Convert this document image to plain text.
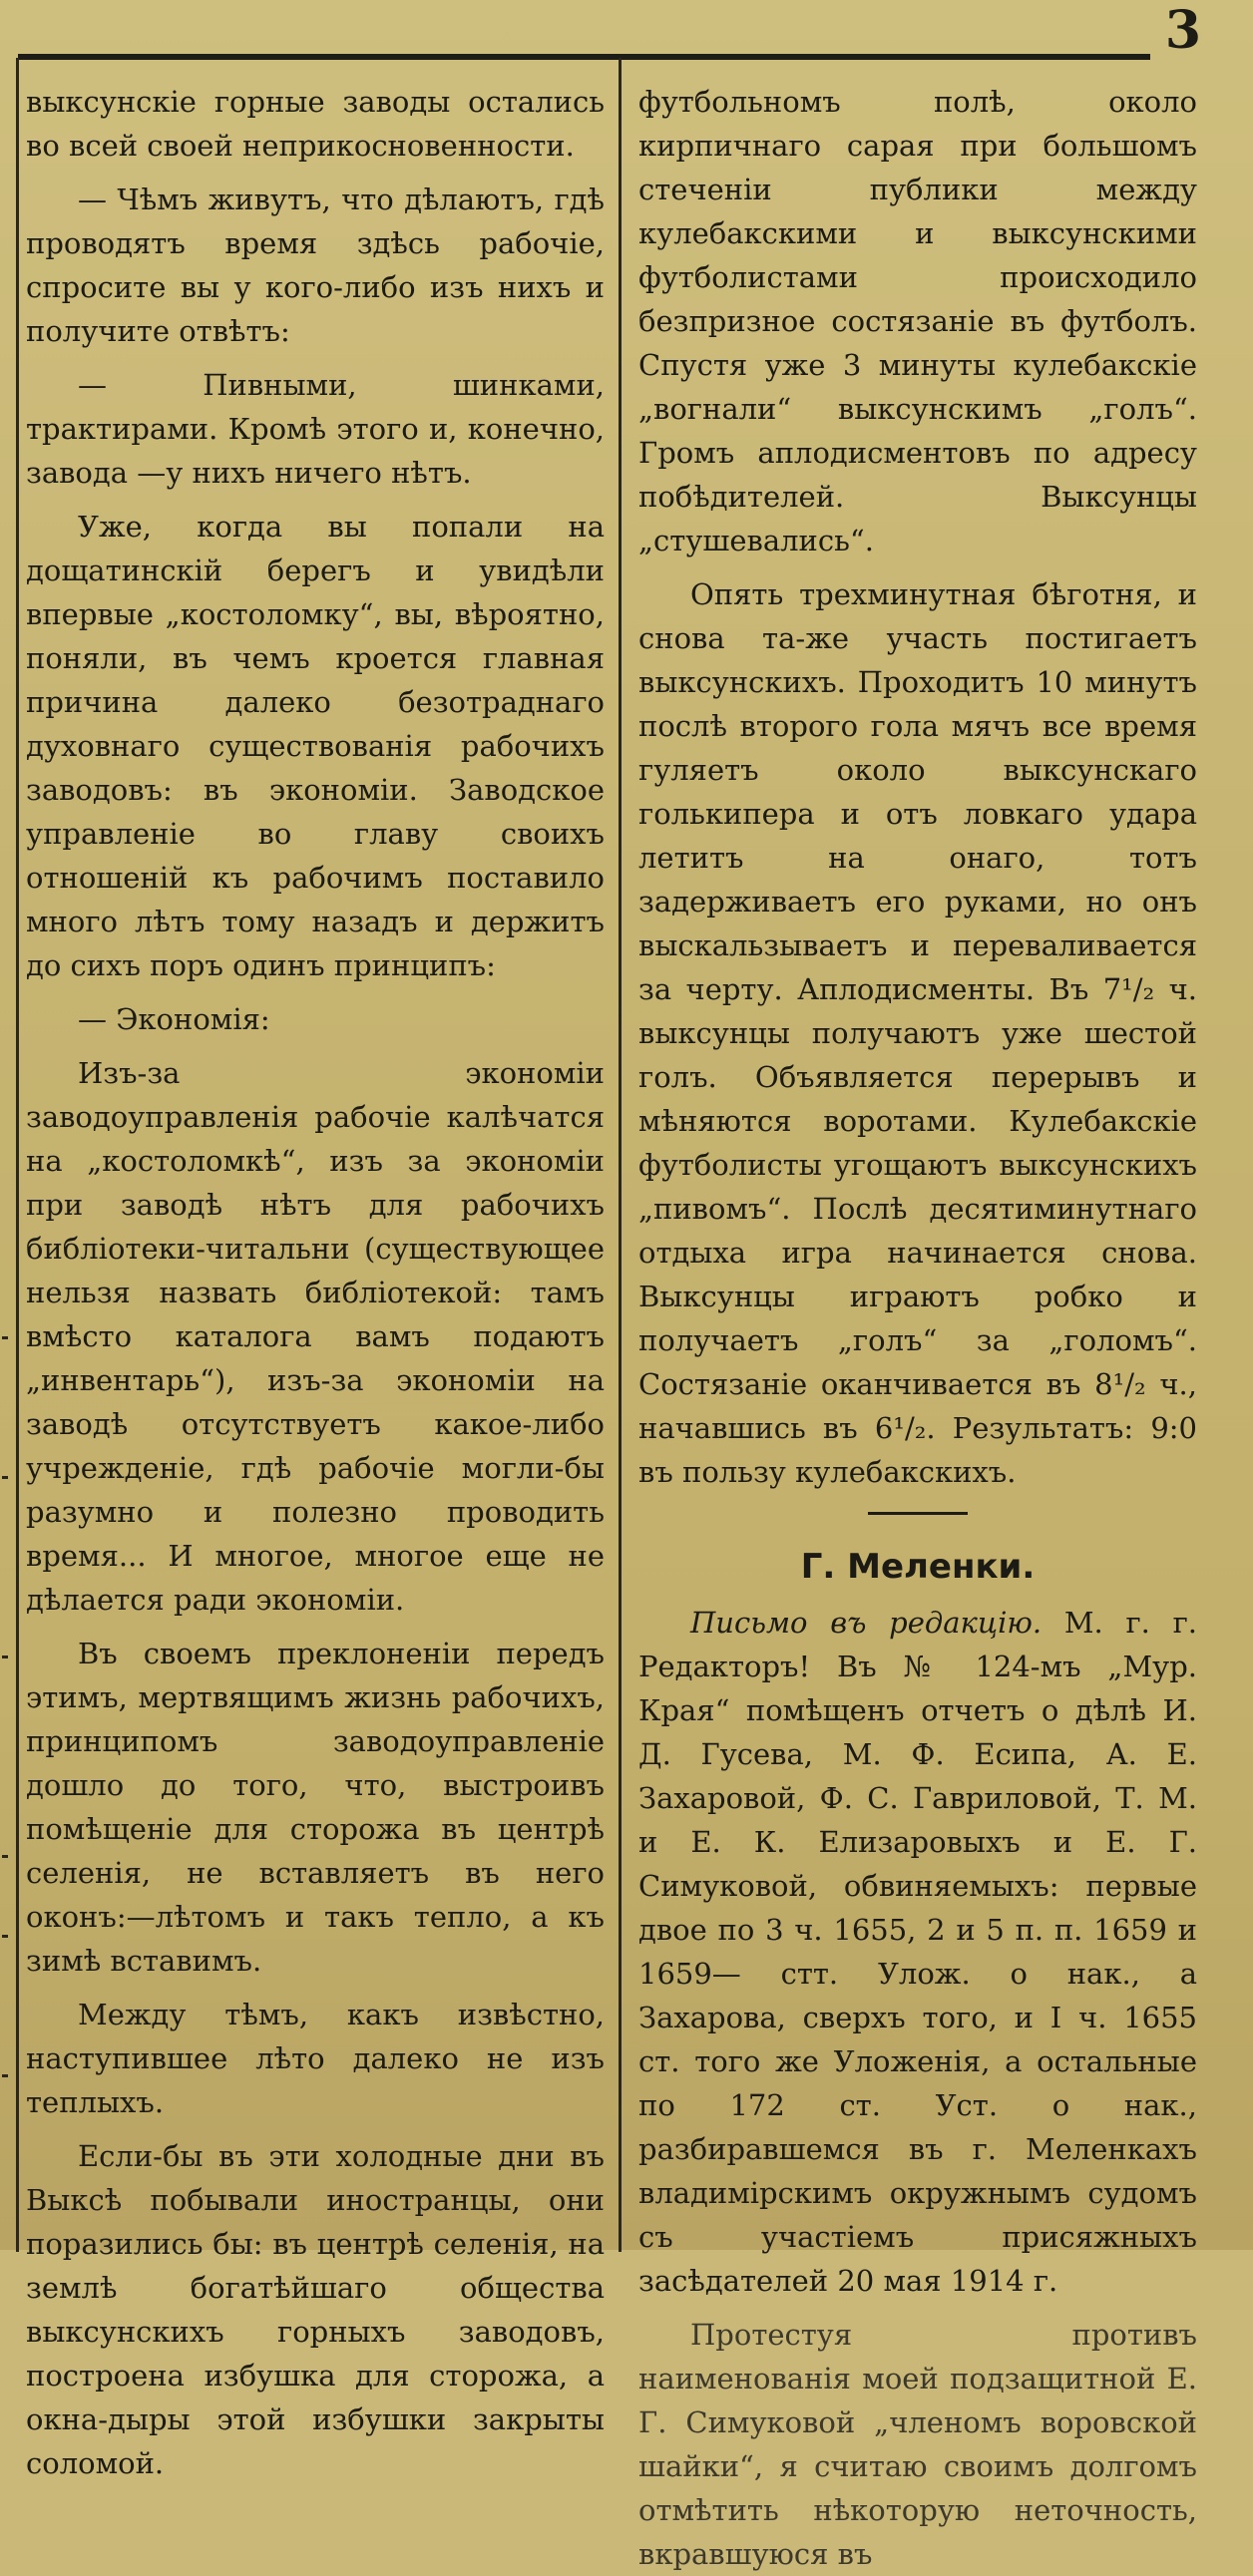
3

выксунскіе горные заводы остались во всей своей неприкосновенности.

— Чѣмъ живутъ, что дѣлаютъ, гдѣ проводятъ время здѣсь рабочіе, спросите вы у кого-либо изъ нихъ и получите отвѣтъ:

— Пивными, шинками, трактирами. Кромѣ этого и, конечно, завода —у нихъ ничего нѣтъ.

Уже, когда вы попали на дощатинскій берегъ и увидѣли впервые „костоломку“, вы, вѣроятно, поняли, въ чемъ кроется главная причина далеко безотраднаго духовнаго существованія рабочихъ заводовъ: въ экономіи. Заводское управленіе во главу своихъ отношеній къ рабочимъ поставило много лѣтъ тому назадъ и держитъ до сихъ поръ одинъ принципъ:

— Экономія:

Изъ-за экономіи заводоуправленія рабочіе калѣчатся на „костоломкѣ“, изъ за экономіи при заводѣ нѣтъ для рабочихъ библіотеки-читальни (существующее нельзя назвать библіотекой: тамъ вмѣсто каталога вамъ подаютъ „инвентарь“), изъ-за экономіи на заводѣ отсутствуетъ какое-либо учрежденіе, гдѣ рабочіе могли-бы разумно и полезно проводить время... И многое, многое еще не дѣлается ради экономіи.

Въ своемъ преклоненіи передъ этимъ, мертвящимъ жизнь рабочихъ, принципомъ заводоуправленіе дошло до того, что, выстроивъ помѣщеніе для сторожа въ центрѣ селенія, не вставляетъ въ него оконъ:—лѣтомъ и такъ тепло, а къ зимѣ вставимъ.

Между тѣмъ, какъ извѣстно, наступившее лѣто далеко не изъ теплыхъ.

Если-бы въ эти холодные дни въ Выксѣ побывали иностранцы, они поразились бы: въ центрѣ селенія, на землѣ богатѣйшаго общества выксунскихъ горныхъ заводовъ, построена избушка для сторожа, а окна-дыры этой избушки закрыты соломой.

футбольномъ полѣ, около кирпичнаго сарая при большомъ стеченіи публики между кулебакскими и выксунскими футболистами происходило безпризное состязаніе въ футболъ. Спустя уже 3 минуты кулебакскіе „вогнали“ выксунскимъ „голъ“. Громъ аплодисментовъ по адресу побѣдителей. Выксунцы „стушевались“.

Опять трехминутная бѣготня, и снова та-же участь постигаетъ выксунскихъ. Проходитъ 10 минутъ послѣ второго гола мячъ все время гуляетъ около выксунскаго голькипера и отъ ловкаго удара летитъ на онаго, тотъ задерживаетъ его руками, но онъ выскальзываетъ и переваливается за черту. Аплодисменты. Въ 7¹/₂ ч. выксунцы получаютъ уже шестой голъ. Объявляется перерывъ и мѣняются воротами. Кулебакскіе футболисты угощаютъ выксунскихъ „пивомъ“. Послѣ десятиминутнаго отдыха игра начинается снова. Выксунцы играютъ робко и получаетъ „голъ“ за „голомъ“. Состязаніе оканчивается въ 8¹/₂ ч., начавшись въ 6¹/₂. Результатъ: 9:0 въ пользу кулебакскихъ.

Г. Меленки.

Письмо въ редакцію. М. г. г. Редакторъ! Въ № 124-мъ „Мур. Края“ помѣщенъ отчетъ о дѣлѣ И. Д. Гусева, М. Ф. Есипа, А. Е. Захаровой, Ф. С. Гавриловой, Т. М. и Е. К. Елизаровыхъ и Е. Г. Симуковой, обвиняемыхъ: первые двое по 3 ч. 1655, 2 и 5 п. п. 1659 и 1659— стт. Улож. о нак., а Захарова, сверхъ того, и I ч. 1655 ст. того же Уложенія, а остальные по 172 ст. Уст. о нак., разбиравшемся въ г. Меленкахъ владимірскимъ окружнымъ судомъ съ участіемъ присяжныхъ засѣдателей 20 мая 1914 г.

Протестуя противъ наименованія моей подзащитной Е. Г. Симуковой „членомъ воровской шайки“, я считаю своимъ долгомъ отмѣтить нѣкоторую неточность, вкравшуюся въ
